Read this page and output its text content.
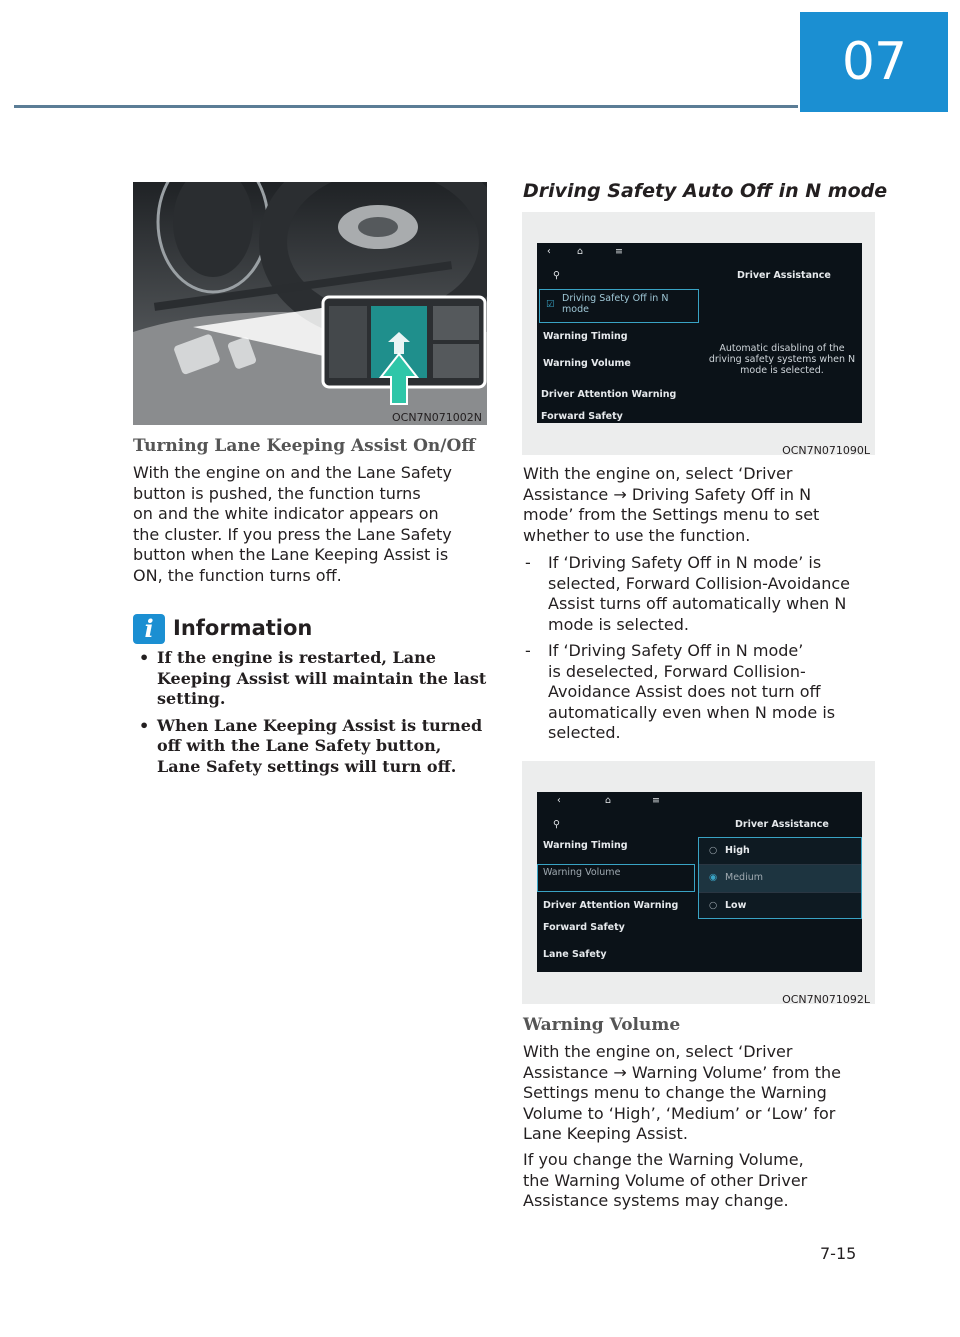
07
OCN7N071002N
Turning Lane Keeping Assist On/Off

With the engine on and the Lane Safety

button is pushed, the function turns

on and the white indicator appears on

the cluster. If you press the Lane Safety

button when the Lane Keeping Assist is

ON, the function turns off.

i Information
• If the engine is restarted, Lane Keeping Assist will maintain the last setting.
• When Lane Keeping Assist is turned off with the Lane Safety button, Lane Safety settings will turn off.
Driving Safety Auto Off in N mode
‹	⌂	≡
⚲	Driver Assistance
☑
Driving Safety Off in N mode
Warning Timing
Warning Volume
Driver Attention Warning
Forward Safety
Automatic disabling of the driving safety systems when N mode is selected.
OCN7N071090L

With the engine on, select ‘Driver

Assistance → Driving Safety Off in N

mode’ from the Settings menu to set

whether to use the function.

- If ‘Driving Safety Off in N mode’ is
selected, Forward Collision-Avoidance
Assist turns off automatically when N
mode is selected.
- If ‘Driving Safety Off in N mode’
is deselected, Forward Collision-
Avoidance Assist does not turn off
automatically even when N mode is
selected.
‹	⌂	≡
⚲	Driver Assistance
Warning Timing
Warning Volume
Driver Attention Warning
Forward Safety
Lane Safety
○ High
◉ Medium
○ Low
OCN7N071092L
Warning Volume

With the engine on, select ‘Driver

Assistance → Warning Volume’ from the

Settings menu to change the Warning

Volume to ‘High’, ‘Medium’ or ‘Low’ for

Lane Keeping Assist.

If you change the Warning Volume,

the Warning Volume of other Driver

Assistance systems may change.

7-15
